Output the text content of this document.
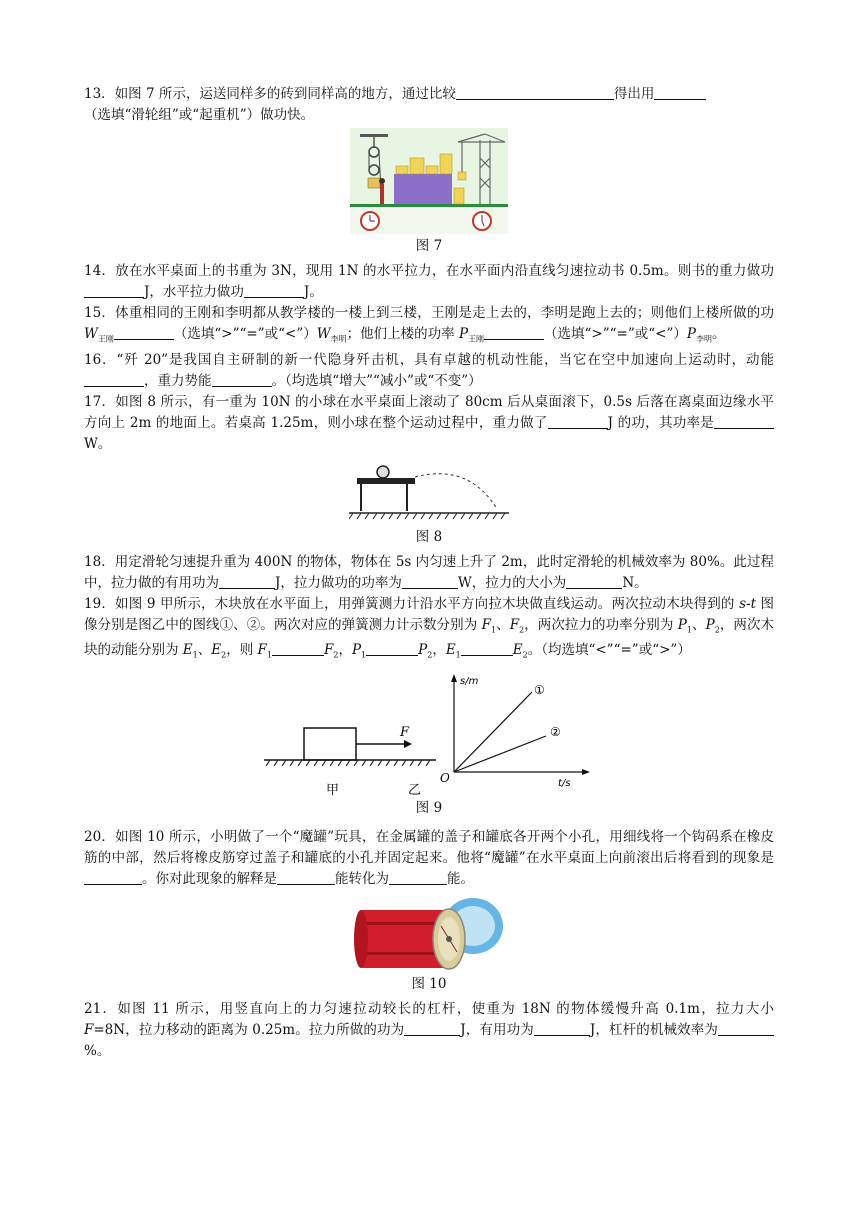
13．如图 7 所示，运送同样多的砖到同样高的地方，通过比较	得出用
（选填“滑轮组”或“起重机”）做功快。

图 7

14．放在水平桌面上的书重为 3N，现用 1N 的水平拉力，在水平面内沿直线匀速拉动书 0.5m。则书的重力做功J，水平拉力做功	J。

15．体重相同的王刚和李明都从教学楼的一楼上到三楼，王刚是走上去的，李明是跑上去的；则他们上楼所做的功 $W_{王刚}$	（选填“>”“=”或“$<”)W_{李明}$；他们上楼的功率 $P_{王刚}$	（选填“>”“=”或“$<”)P_{李明}$。

16．“歼 20”是我国自主研制的新一代隐身歼击机，具有卓越的机动性能，当它在空中加速向上运动时，动能，重力势能	。（均选填“增大”“减小”或“不变”）

17．如图 8 所示，有一重为 10N 的小球在水平桌面上滚动了 80cm 后从桌面滚下，0.5s 后落在离桌面边缘水平方向上 2m 的地面上。若桌高 1.25m，则小球在整个运动过程中，重力做了	J 的功，其功率是W。

图 8

18．用定滑轮匀速提升重为 400N 的物体，物体在 5s 内匀速上升了 2m，此时定滑轮的机械效率为 80%。此过程中，拉力做的有用功为	J，拉力做功的功率为	W，拉力的大小为	N。

19．如图 9 甲所示，木块放在水平面上，用弹簧测力计沿水平方向拉木块做直线运动。两次拉动木块得到的 s-t 图像分别是图乙中的图线①、②。两次对应的弹簧测力计示数分别为 $F_1$、$F_2$，两次拉力的功率分别为 $P_1$、$P_2$，两次木块的动能分别为 $E_1$、$E_2$，则 $F_1$	$F_2$，$P_1$	$P_2$，$E_1$	$E_2$。（均选填“<”“=”或“>”）

F
甲
s/m
t/s
O
①
②
乙
图 9

20．如图 10 所示，小明做了一个“魔罐”玩具，在金属罐的盖子和罐底各开两个小孔，用细线将一个钩码系在橡皮筋的中部，然后将橡皮筋穿过盖子和罐底的小孔并固定起来。他将“魔罐”在水平桌面上向前滚出后将看到的现象是。你对此现象的解释是	能转化为	能。

图 10

21．如图 11 所示，用竖直向上的力匀速拉动较长的杠杆，使重为 18N 的物体缓慢升高 0.1m，拉力大小 F=8N，拉力移动的距离为 0.25m。拉力所做的功为	J，有用功为	J，杠杆的机械效率为%。
